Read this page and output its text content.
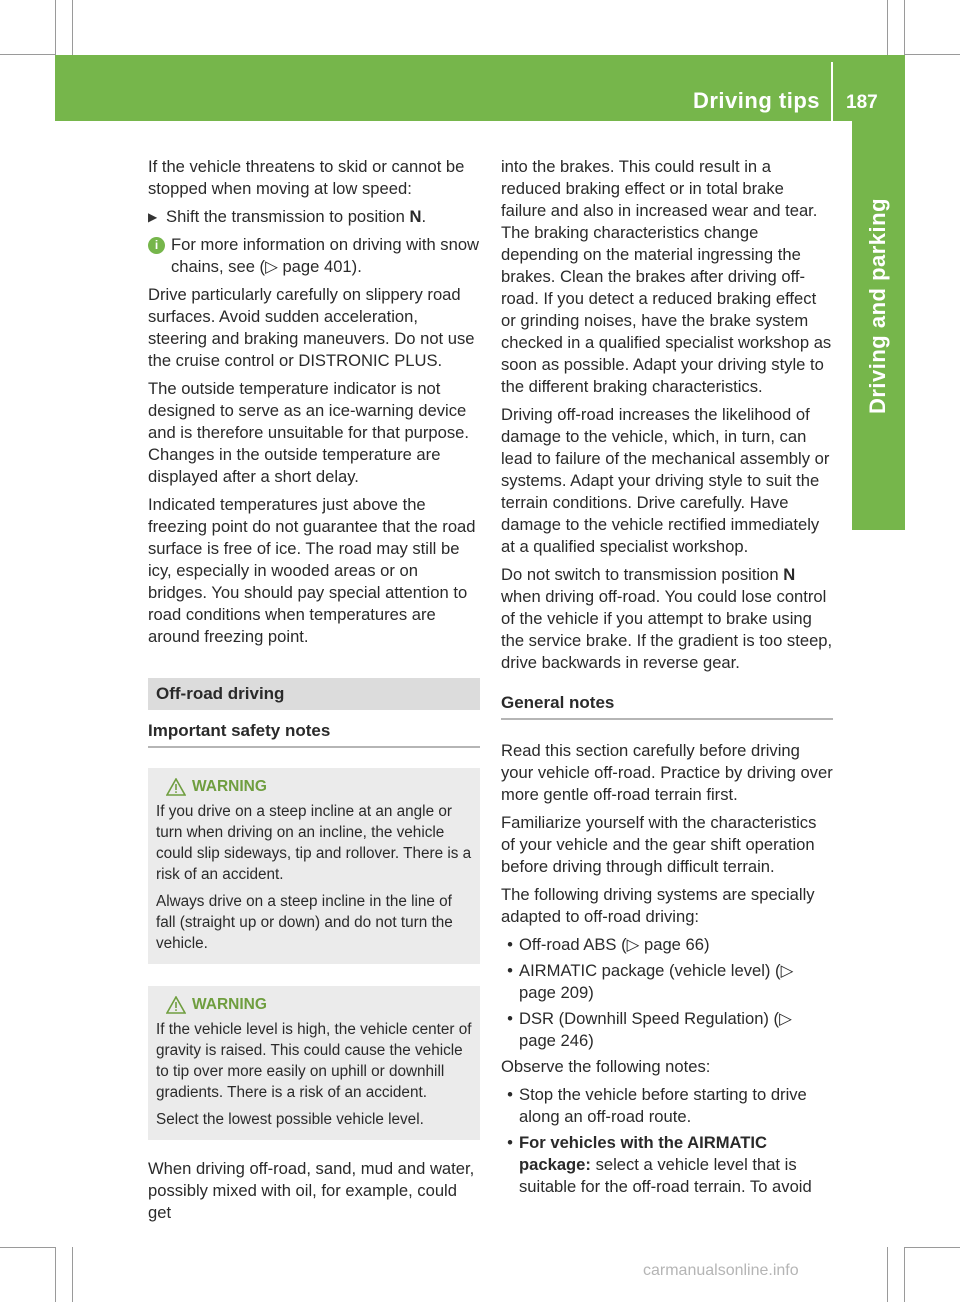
Driving tips 187
Driving and parking

If the vehicle threatens to skid or cannot be stopped when moving at low speed:

▶ Shift the transmission to position N.

i For more information on driving with snow chains, see (▷ page 401).

Drive particularly carefully on slippery road surfaces. Avoid sudden acceleration, steering and braking maneuvers. Do not use the cruise control or DISTRONIC PLUS.

The outside temperature indicator is not designed to serve as an ice-warning device and is therefore unsuitable for that purpose. Changes in the outside temperature are displayed after a short delay.

Indicated temperatures just above the freezing point do not guarantee that the road surface is free of ice. The road may still be icy, especially in wooded areas or on bridges. You should pay special attention to road conditions when temperatures are around freezing point.

Off-road driving
Important safety notes
WARNING

If you drive on a steep incline at an angle or turn when driving on an incline, the vehicle could slip sideways, tip and rollover. There is a risk of an accident.

Always drive on a steep incline in the line of fall (straight up or down) and do not turn the vehicle.

WARNING

If the vehicle level is high, the vehicle center of gravity is raised. This could cause the vehicle to tip over more easily on uphill or downhill gradients. There is a risk of an accident.

Select the lowest possible vehicle level.

When driving off-road, sand, mud and water, possibly mixed with oil, for example, could get

into the brakes. This could result in a reduced braking effect or in total brake failure and also in increased wear and tear. The braking characteristics change depending on the material ingressing the brakes. Clean the brakes after driving off-road. If you detect a reduced braking effect or grinding noises, have the brake system checked in a qualified specialist workshop as soon as possible. Adapt your driving style to the different braking characteristics.

Driving off-road increases the likelihood of damage to the vehicle, which, in turn, can lead to failure of the mechanical assembly or systems. Adapt your driving style to suit the terrain conditions. Drive carefully. Have damage to the vehicle rectified immediately at a qualified specialist workshop.

Do not switch to transmission position N when driving off-road. You could lose control of the vehicle if you attempt to brake using the service brake. If the gradient is too steep, drive backwards in reverse gear.

General notes

Read this section carefully before driving your vehicle off-road. Practice by driving over more gentle off-road terrain first.

Familiarize yourself with the characteristics of your vehicle and the gear shift operation before driving through difficult terrain.

The following driving systems are specially adapted to off-road driving:

• Off-road ABS (▷ page 66)
• AIRMATIC package (vehicle level) (▷ page 209)
• DSR (Downhill Speed Regulation) (▷ page 246)

Observe the following notes:

• Stop the vehicle before starting to drive along an off-road route.
• For vehicles with the AIRMATIC package: select a vehicle level that is suitable for the off-road terrain. To avoid
carmanualsonline.info
